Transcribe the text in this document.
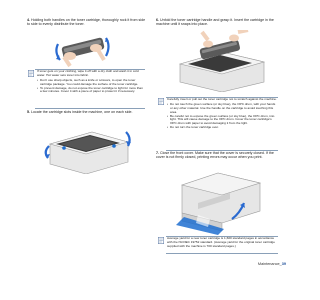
4. Holding both handles on the toner cartridge, thoroughly rock it from side to side to evenly distribute the toner.
If toner gets on your clothing, wipe it off with a dry cloth and wash it in cold water. Hot water sets toner into fabric.
• Don't use sharp objects, such as a knife or scissors, to open the toner cartridge package. You could damage the surface of the toner cartridge.
• To prevent damage, do not expose the toner cartridge to light for more than a few minutes. Cover it with a piece of paper to protect it if necessary.
5. Locate the cartridge slots inside the machine, one on each side.
6. Unfold the toner cartridge handle and grasp it. Insert the cartridge in the machine until it snaps into place.
Carefully insert or pull out the toner cartridge not to scratch against the machine.
• Do not touch the green surface (or sky blue), the OPC drum, with your hands or any other material. Use the handle on the cartridge to avoid touching this area.
• Be careful not to expose the green surface (or sky blue), the OPC drum, into light. This will cause damage to the OPC drum. Cover the toner cartridge's OPC drum with paper to avoid damaging it from the light.
• Do not turn the toner cartridge over.
7. Close the front cover. Make sure that the cover is securely closed. If the cover is not firmly closed, printing errors may occur when you print.
Average yield for a new toner cartridge is 1,600 standard pages in accordance with the ISO/IEC 19752 standard. (Average yield for the original toner cartridge supplied with the machine is 700 standard pages.)
Maintenance_39
